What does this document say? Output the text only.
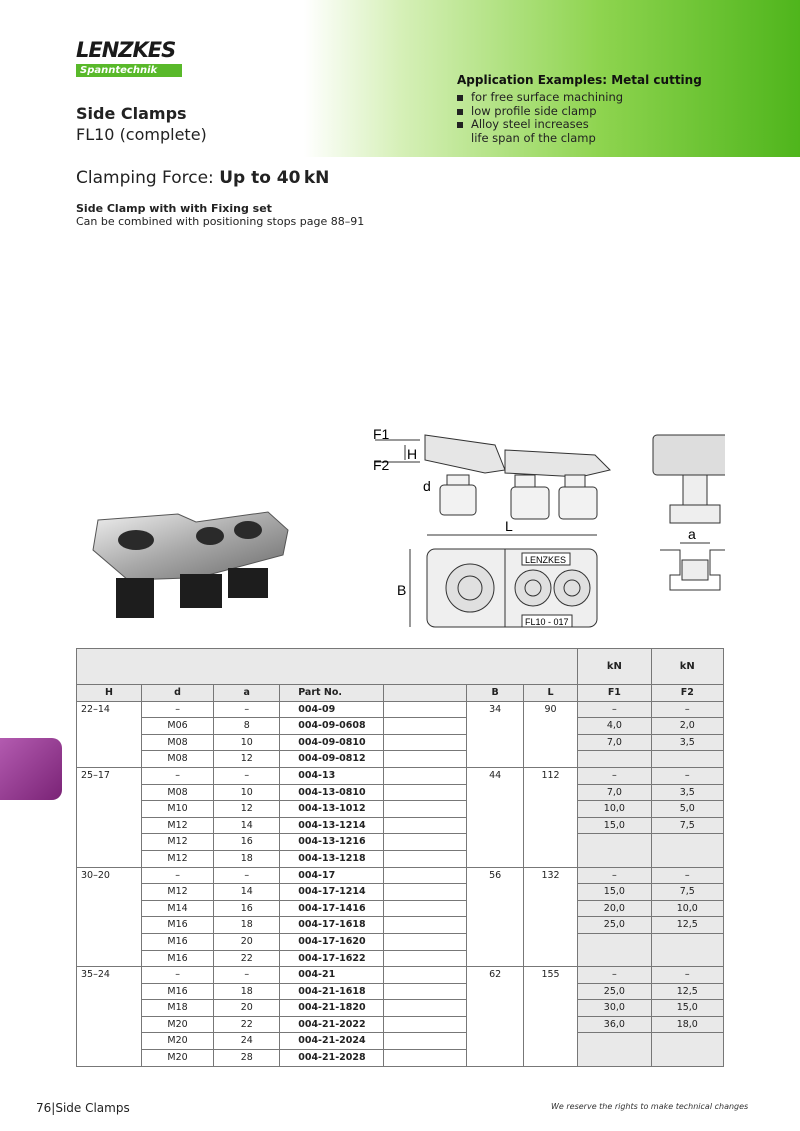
LENZKES
Spanntechnik
Side Clamps
FL10 (complete)
Application Examples: Metal cutting
for free surface machining
low profile side clamp
Alloy steel increases
life span of the clamp
Clamping Force: Up to 40 kN
Side Clamp with with Fixing set
Can be combined with positioning stops page 88–91
F1
F2
H
d
L
B
a
LENZKES
FL10 - 017
							kN	kN
H	d	a	Part No.		B	L	F1	F2
22–14	–	–	004-09		34	90	–	–
	M06	8	004-09-0608				4,0	2,0
	M08	10	004-09-0810				7,0	3,5
	M08	12	004-09-0812					
25–17	–	–	004-13		44	112	–	–
	M08	10	004-13-0810				7,0	3,5
	M10	12	004-13-1012				10,0	5,0
	M12	14	004-13-1214				15,0	7,5
	M12	16	004-13-1216					
	M12	18	004-13-1218					
30–20	–	–	004-17		56	132	–	–
	M12	14	004-17-1214				15,0	7,5
	M14	16	004-17-1416				20,0	10,0
	M16	18	004-17-1618				25,0	12,5
	M16	20	004-17-1620					
	M16	22	004-17-1622					
35–24	–	–	004-21		62	155	–	–
	M16	18	004-21-1618				25,0	12,5
	M18	20	004-21-1820				30,0	15,0
	M20	22	004-21-2022				36,0	18,0
	M20	24	004-21-2024					
	M20	28	004-21-2028					
76|Side Clamps	We reserve the rights to make technical changes
